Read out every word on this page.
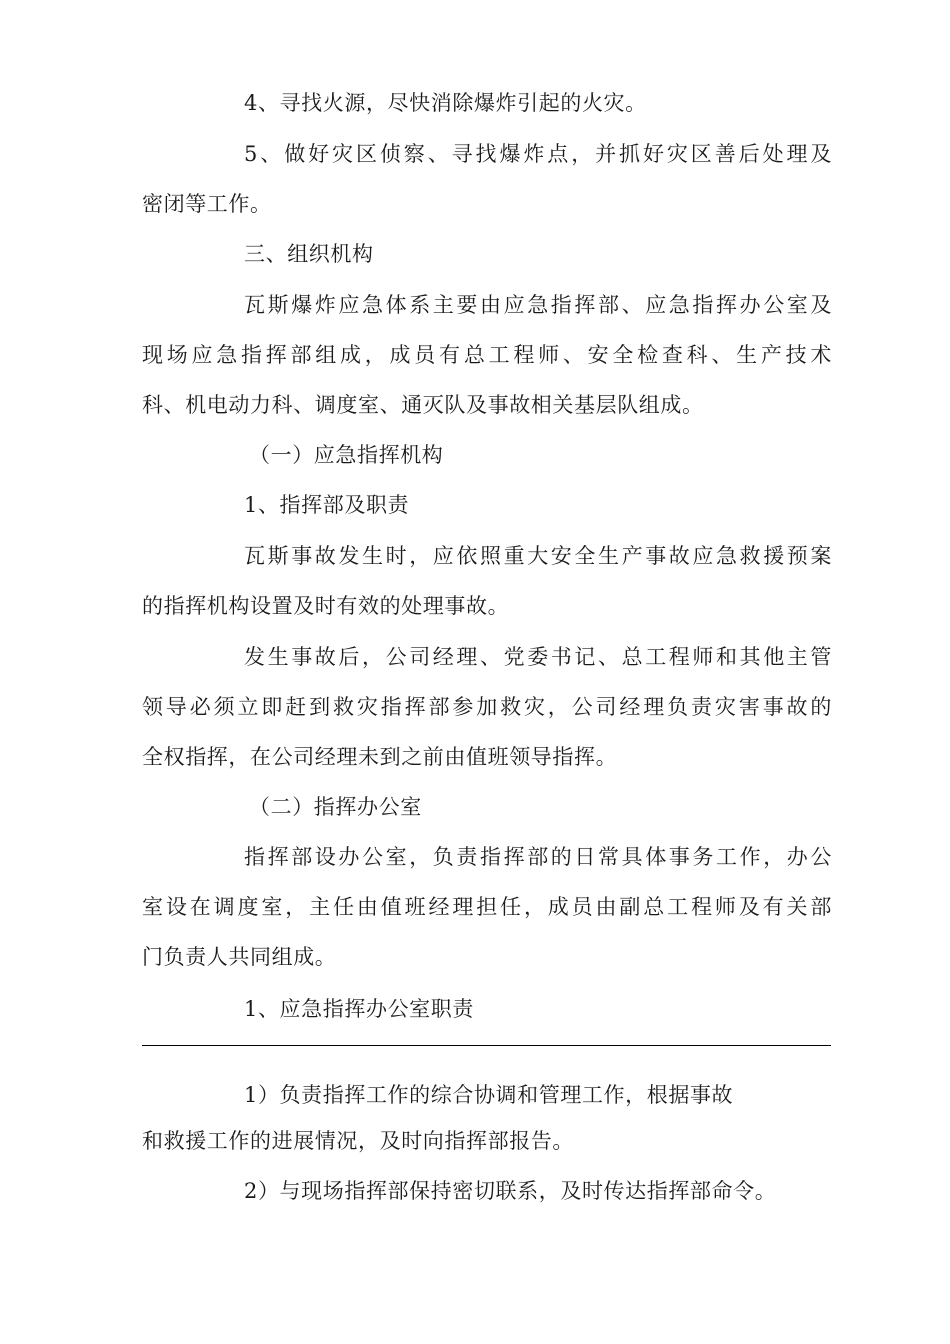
4、寻找火源，尽快消除爆炸引起的火灾。
5、做好灾区侦察、寻找爆炸点，并抓好灾区善后处理及
密闭等工作。
三、组织机构
瓦斯爆炸应急体系主要由应急指挥部、应急指挥办公室及
现场应急指挥部组成，成员有总工程师、安全检查科、生产技术
科、机电动力科、调度室、通灭队及事故相关基层队组成。
（一）应急指挥机构
1、指挥部及职责
瓦斯事故发生时，应依照重大安全生产事故应急救援预案
的指挥机构设置及时有效的处理事故。
发生事故后，公司经理、党委书记、总工程师和其他主管
领导必须立即赶到救灾指挥部参加救灾，公司经理负责灾害事故的
全权指挥，在公司经理未到之前由值班领导指挥。
（二）指挥办公室
指挥部设办公室，负责指挥部的日常具体事务工作，办公
室设在调度室，主任由值班经理担任，成员由副总工程师及有关部
门负责人共同组成。
1、应急指挥办公室职责
1）负责指挥工作的综合协调和管理工作，根据事故
和救援工作的进展情况，及时向指挥部报告。
2）与现场指挥部保持密切联系，及时传达指挥部命令。
